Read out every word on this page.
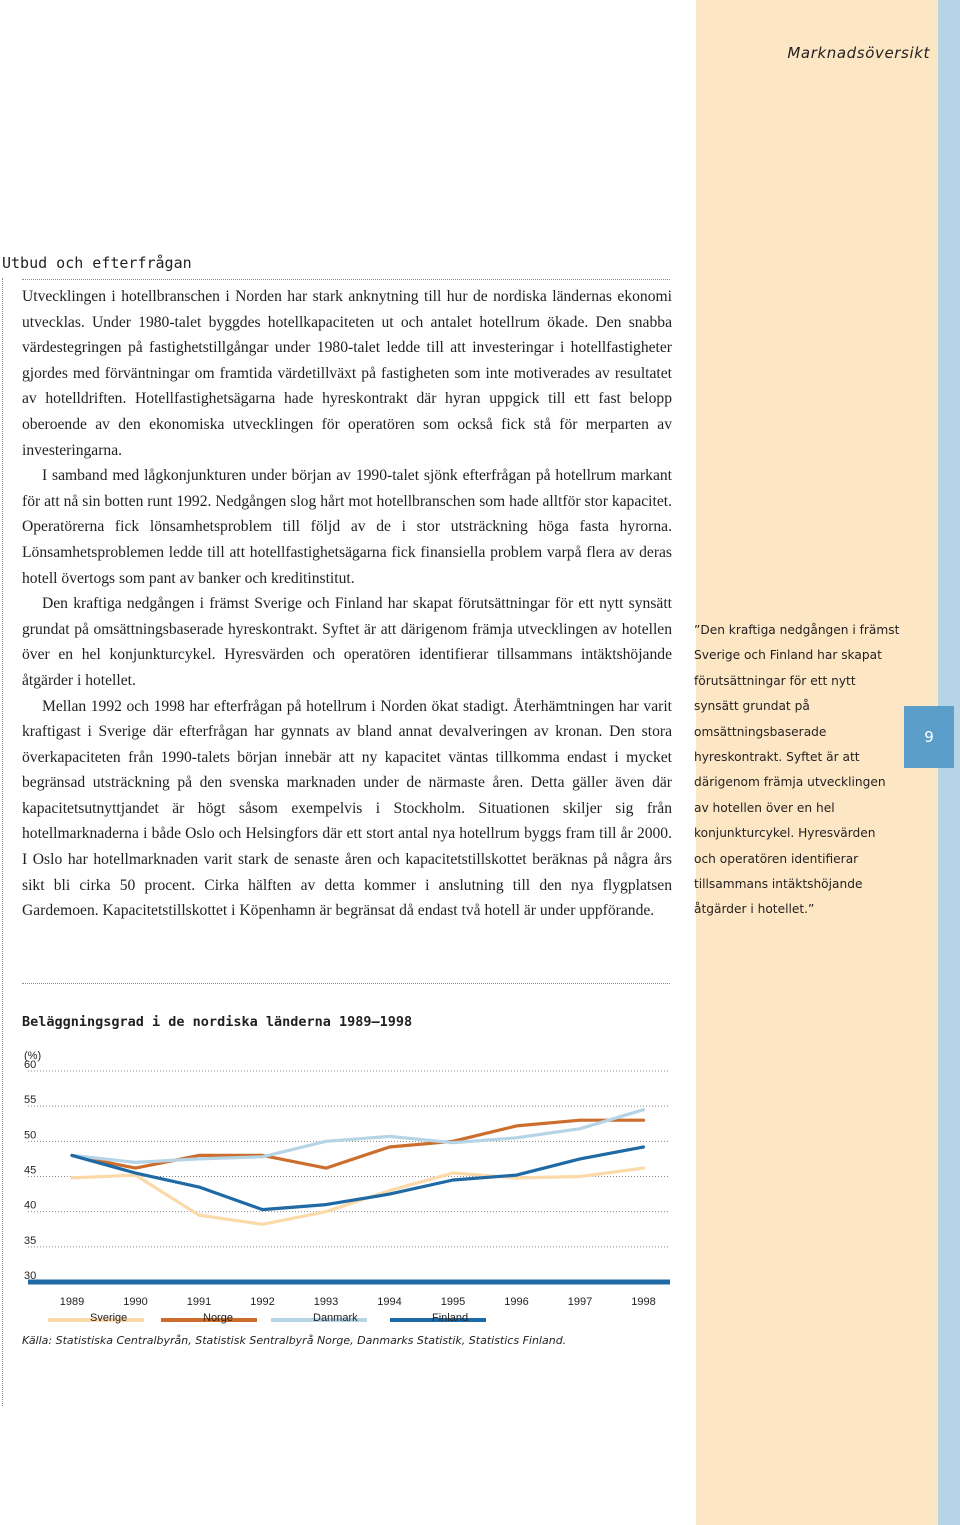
Marknadsöversikt
Utbud och efterfrågan

Utvecklingen i hotellbranschen i Norden har stark anknytning till hur de nordiska ländernas ekonomi utvecklas. Under 1980-talet byggdes hotellkapaciteten ut och antalet hotellrum ökade. Den snabba värdestegringen på fastighetstillgångar under 1980-talet ledde till att investeringar i hotellfastigheter gjordes med förväntningar om framtida värdetillväxt på fastigheten som inte motiverades av resultatet av hotelldriften. Hotellfastighetsägarna hade hyreskontrakt där hyran uppgick till ett fast belopp oberoende av den ekonomiska utvecklingen för operatören som också fick stå för merparten av investeringarna.

I samband med lågkonjunkturen under början av 1990-talet sjönk efterfrågan på hotellrum markant för att nå sin botten runt 1992. Nedgången slog hårt mot hotellbranschen som hade alltför stor kapacitet. Operatörerna fick lönsamhetsproblem till följd av de i stor utsträckning höga fasta hyrorna. Lönsamhetsproblemen ledde till att hotellfastighetsägarna fick finansiella problem varpå flera av deras hotell övertogs som pant av banker och kreditinstitut.

Den kraftiga nedgången i främst Sverige och Finland har skapat förutsättningar för ett nytt synsätt grundat på omsättningsbaserade hyreskontrakt. Syftet är att därigenom främja utvecklingen av hotellen över en hel konjunkturcykel. Hyresvärden och operatören identifierar tillsammans intäktshöjande åtgärder i hotellet.

Mellan 1992 och 1998 har efterfrågan på hotellrum i Norden ökat stadigt. Återhämtningen har varit kraftigast i Sverige där efterfrågan har gynnats av bland annat devalveringen av kronan. Den stora överkapaciteten från 1990-talets början innebär att ny kapacitet väntas tillkomma endast i mycket begränsad utsträckning på den svenska marknaden under de närmaste åren. Detta gäller även där kapacitetsutnyttjandet är högt såsom exempelvis i Stockholm. Situationen skiljer sig från hotellmarknaderna i både Oslo och Helsingfors där ett stort antal nya hotellrum byggs fram till år 2000. I Oslo har hotellmarknaden varit stark de senaste åren och kapacitetstillskottet beräknas på några års sikt bli cirka 50 procent. Cirka hälften av detta kommer i anslutning till den nya flygplatsen Gardemoen. Kapacitetstillskottet i Köpenhamn är begränsat då endast två hotell är under uppförande.

”Den kraftiga nedgången i främst Sverige och Finland har skapat förutsättningar för ett nytt synsätt grundat på omsättningsbaserade hyreskontrakt. Syftet är att därigenom främja utvecklingen av hotellen över en hel konjunkturcykel. Hyresvärden och operatören identifierar tillsammans intäktshöjande åtgärder i hotellet.”
9
Beläggningsgrad i de nordiska länderna 1989–1998
(%)
60
55
50
45
40
35
30
1989	1990	1991	1992	1993	1994	1995	1996	1997	1998
Sverige	Norge	Danmark	Finland
Källa: Statistiska Centralbyrån, Statistisk Sentralbyrå Norge, Danmarks Statistik, Statistics Finland.
